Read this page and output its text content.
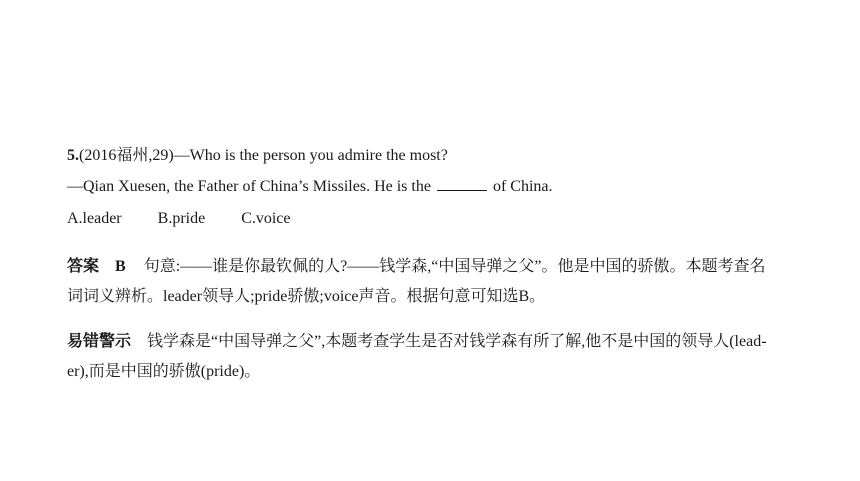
5.(2016福州,29)—Who is the person you admire the most?
—Qian Xuesen, the Father of China’s Missiles. He is the	of China.
A.leader B.pride C.voice
答案 B 句意:——谁是你最钦佩的人?——钱学森,“中国导弹之父”。他是中国的骄傲。本题考查名
词词义辨析。leader领导人;pride骄傲;voice声音。根据句意可知选B。
易错警示 钱学森是“中国导弹之父”,本题考查学生是否对钱学森有所了解,他不是中国的领导人(lead-
er),而是中国的骄傲(pride)。
